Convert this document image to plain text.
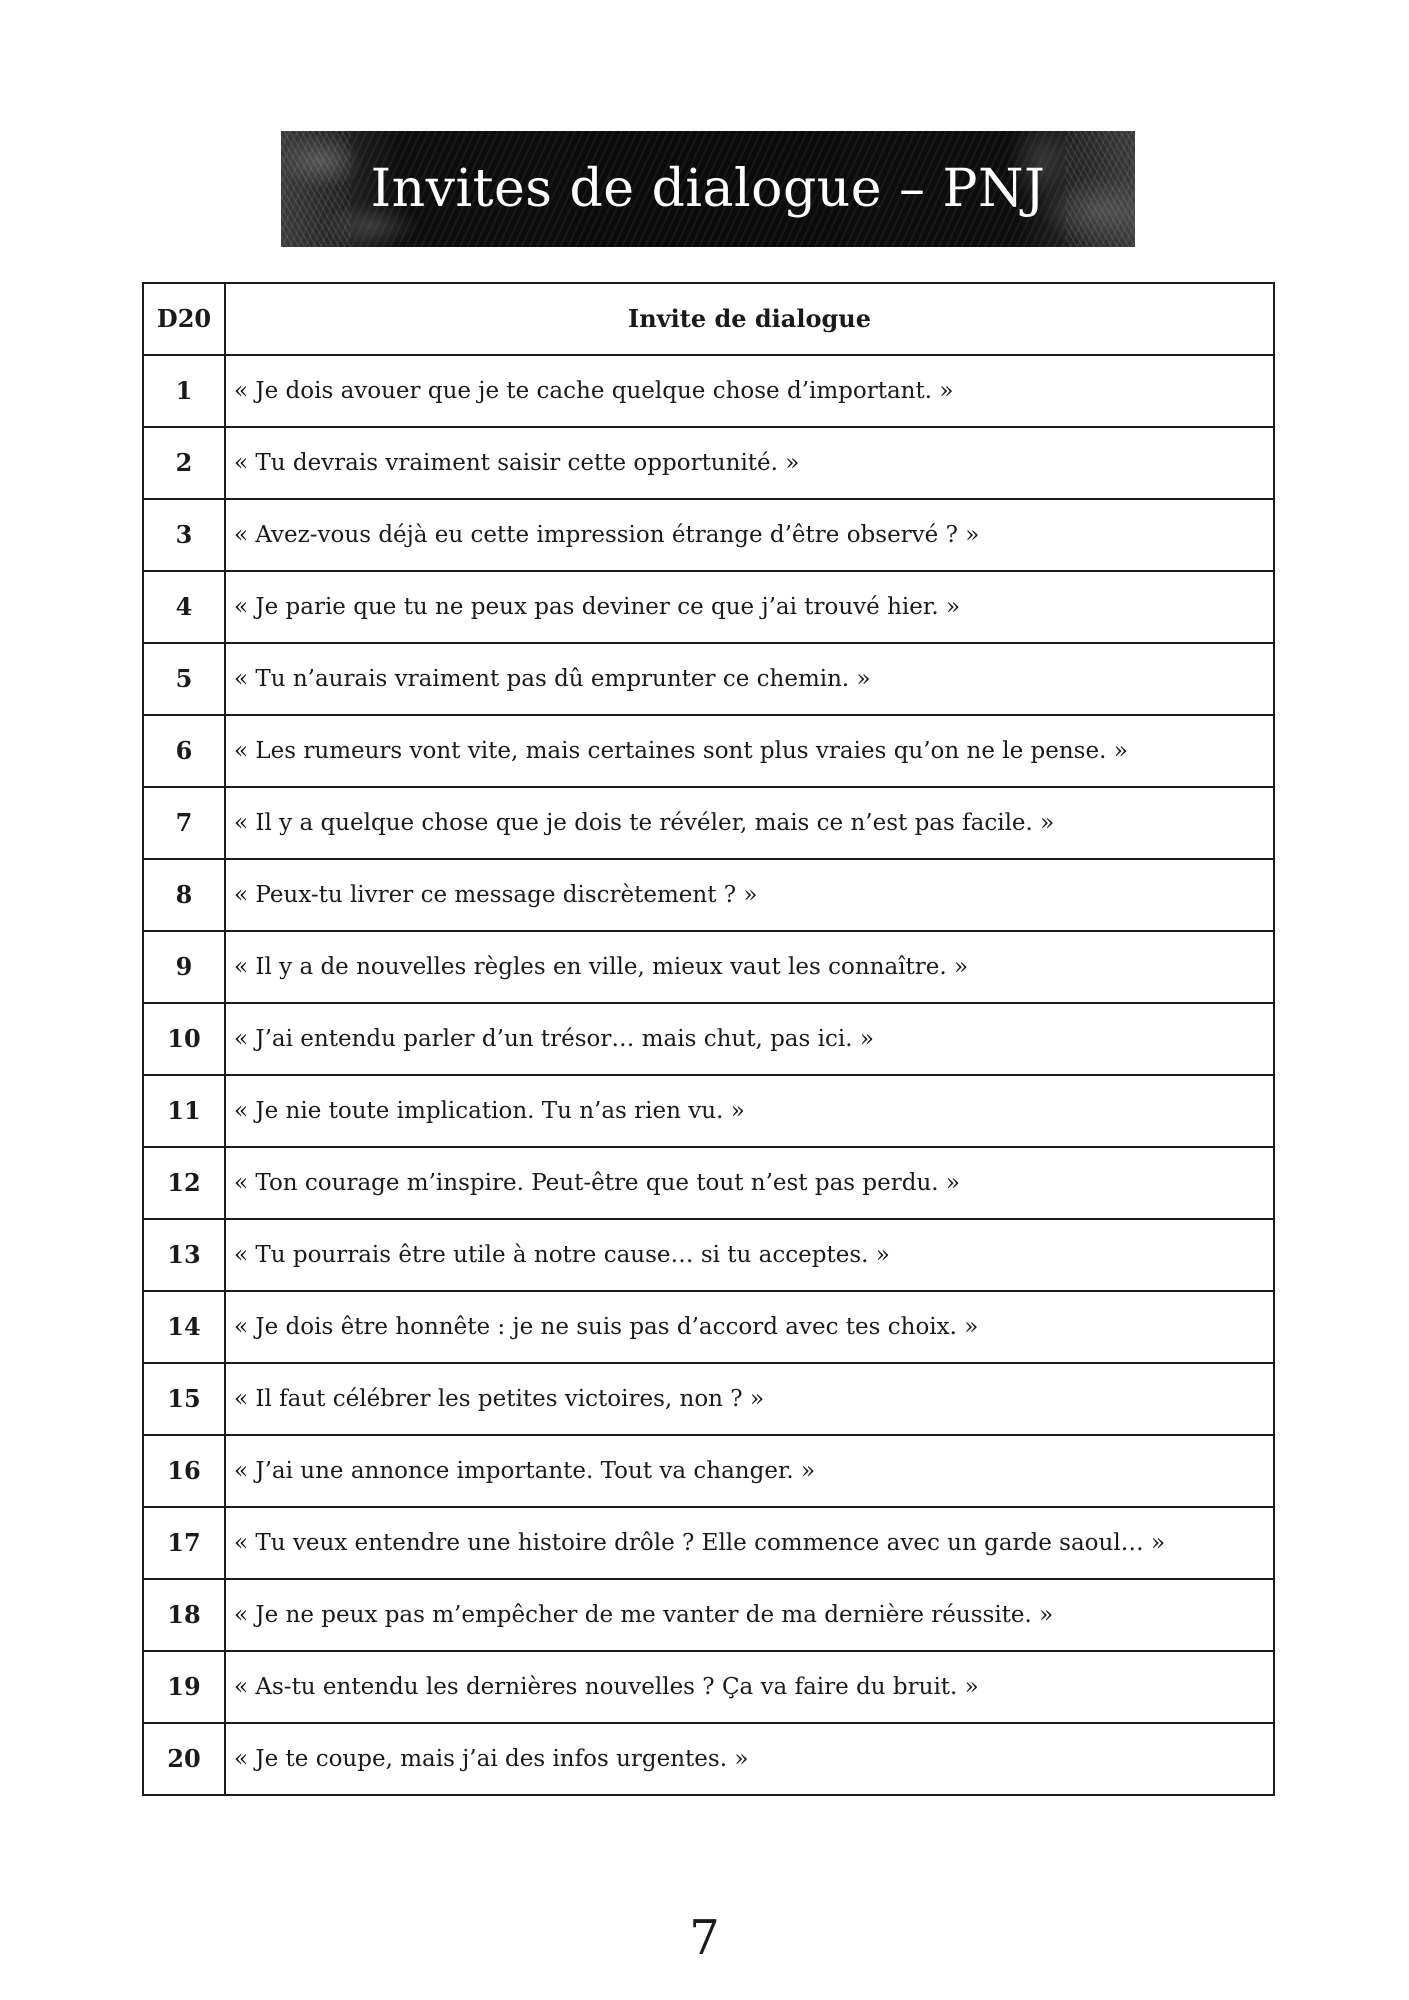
Invites de dialogue – PNJ
D20	Invite de dialogue
1	« Je dois avouer que je te cache quelque chose d’important. »
2	« Tu devrais vraiment saisir cette opportunité. »
3	« Avez-vous déjà eu cette impression étrange d’être observé ? »
4	« Je parie que tu ne peux pas deviner ce que j’ai trouvé hier. »
5	« Tu n’aurais vraiment pas dû emprunter ce chemin. »
6	« Les rumeurs vont vite, mais certaines sont plus vraies qu’on ne le pense. »
7	« Il y a quelque chose que je dois te révéler, mais ce n’est pas facile. »
8	« Peux-tu livrer ce message discrètement ? »
9	« Il y a de nouvelles règles en ville, mieux vaut les connaître. »
10	« J’ai entendu parler d’un trésor… mais chut, pas ici. »
11	« Je nie toute implication. Tu n’as rien vu. »
12	« Ton courage m’inspire. Peut-être que tout n’est pas perdu. »
13	« Tu pourrais être utile à notre cause… si tu acceptes. »
14	« Je dois être honnête : je ne suis pas d’accord avec tes choix. »
15	« Il faut célébrer les petites victoires, non ? »
16	« J’ai une annonce importante. Tout va changer. »
17	« Tu veux entendre une histoire drôle ? Elle commence avec un garde saoul… »
18	« Je ne peux pas m’empêcher de me vanter de ma dernière réussite. »
19	« As-tu entendu les dernières nouvelles ? Ça va faire du bruit. »
20	« Je te coupe, mais j’ai des infos urgentes. »
7
